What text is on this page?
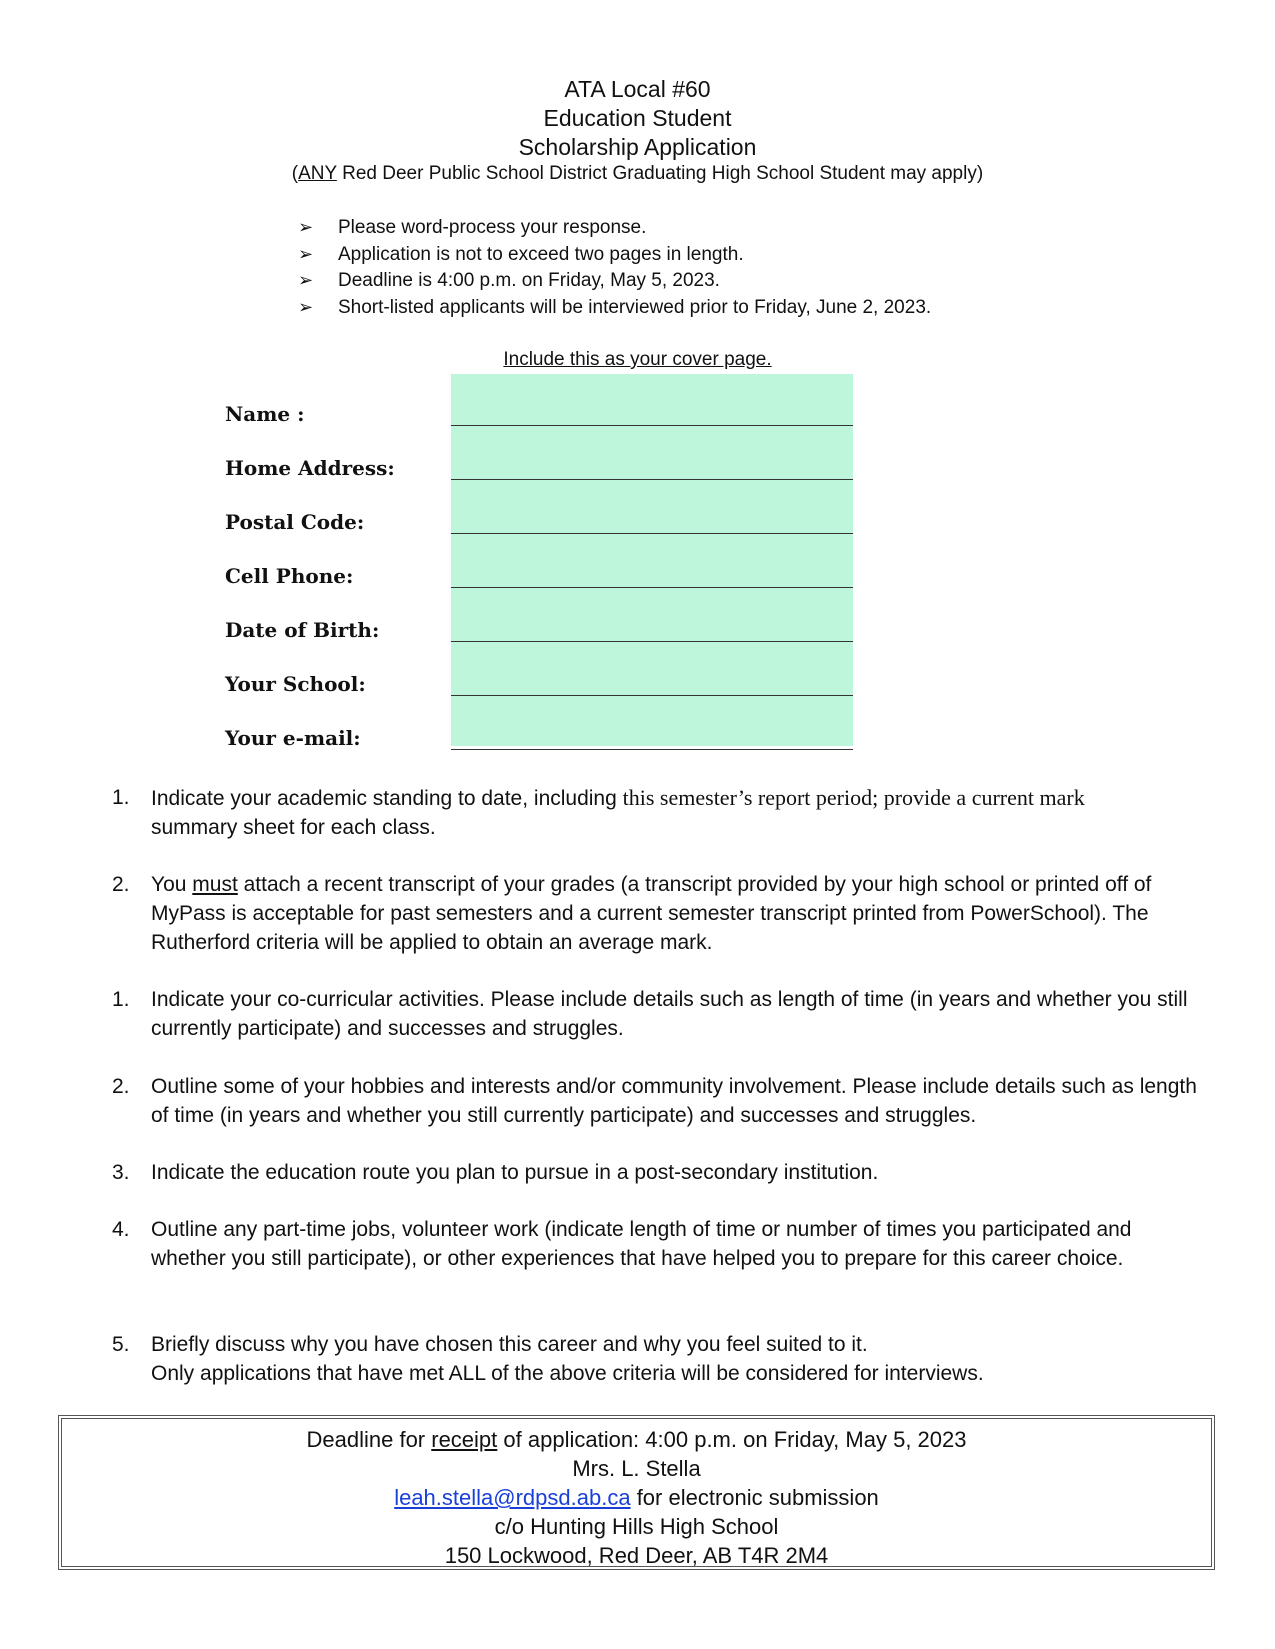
ATA Local #60
Education Student
Scholarship Application
(ANY Red Deer Public School District Graduating High School Student may apply)
➢ Please word-process your response.
➢ Application is not to exceed two pages in length.
➢ Deadline is 4:00 p.m. on Friday, May 5, 2023.
➢ Short-listed applicants will be interviewed prior to Friday, June 2, 2023.
Include this as your cover page.
Name :
Home Address:
Postal Code:
Cell Phone:
Date of Birth:
Your School:
Your e-mail:
1. Indicate your academic standing to date, including this semester’s report period; provide a current mark
summary sheet for each class.
2. You must attach a recent transcript of your grades (a transcript provided by your high school or printed off of MyPass is acceptable for past semesters and a current semester transcript printed from PowerSchool). The Rutherford criteria will be applied to obtain an average mark.
1. Indicate your co-curricular activities. Please include details such as length of time (in years and whether you still currently participate) and successes and struggles.
2. Outline some of your hobbies and interests and/or community involvement. Please include details such as length of time (in years and whether you still currently participate) and successes and struggles.
3. Indicate the education route you plan to pursue in a post-secondary institution.
4. Outline any part-time jobs, volunteer work (indicate length of time or number of times you participated and whether you still participate), or other experiences that have helped you to prepare for this career choice.
5. Briefly discuss why you have chosen this career and why you feel suited to it.
Only applications that have met ALL of the above criteria will be considered for interviews.
Deadline for receipt of application: 4:00 p.m. on Friday, May 5, 2023
Mrs. L. Stella
leah.stella@rdpsd.ab.ca for electronic submission
c/o Hunting Hills High School
150 Lockwood, Red Deer, AB T4R 2M4
